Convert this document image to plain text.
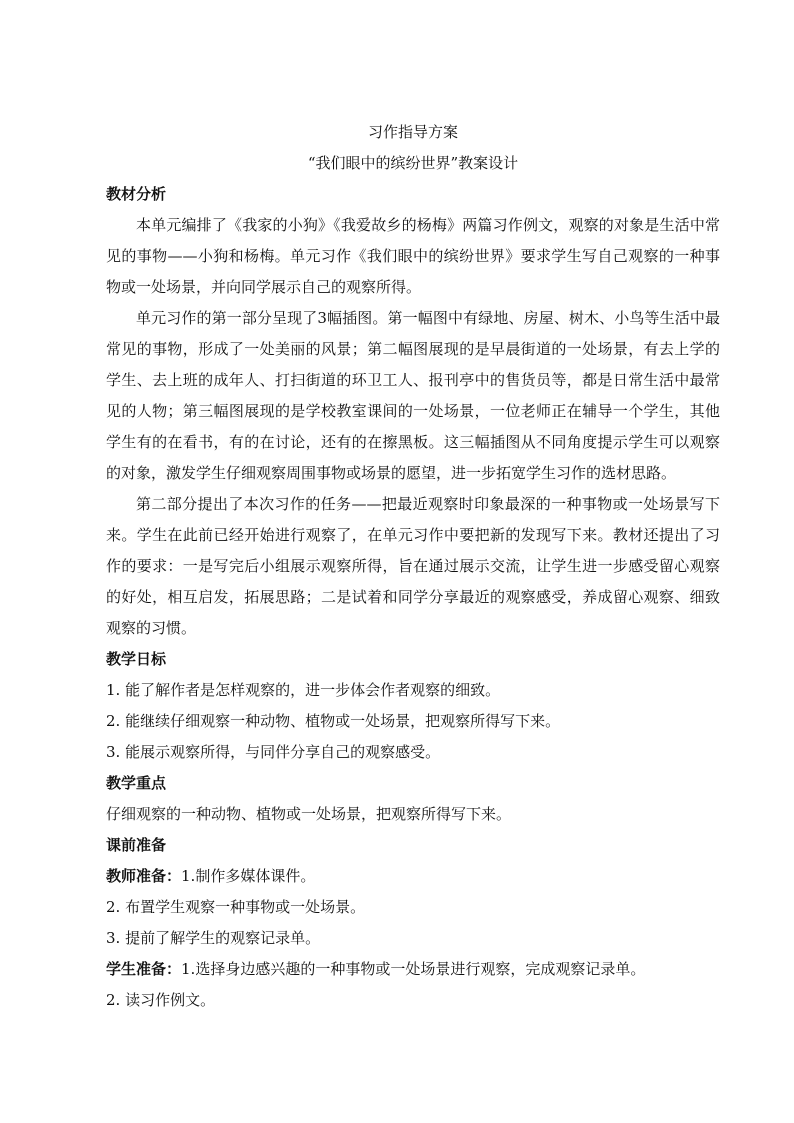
习作指导方案

“我们眼中的缤纷世界”教案设计

教材分析

本单元编排了《我家的小狗》《我爱故乡的杨梅》两篇习作例文，观察的对象是生活中常见的事物——小狗和杨梅。单元习作《我们眼中的缤纷世界》要求学生写自己观察的一种事物或一处场景，并向同学展示自己的观察所得。

单元习作的第一部分呈现了3幅插图。第一幅图中有绿地、房屋、树木、小鸟等生活中最常见的事物，形成了一处美丽的风景；第二幅图展现的是早晨街道的一处场景，有去上学的学生、去上班的成年人、打扫街道的环卫工人、报刊亭中的售货员等，都是日常生活中最常见的人物；第三幅图展现的是学校教室课间的一处场景，一位老师正在辅导一个学生，其他学生有的在看书，有的在讨论，还有的在擦黑板。这三幅插图从不同角度提示学生可以观察的对象，激发学生仔细观察周围事物或场景的愿望，进一步拓宽学生习作的选材思路。

第二部分提出了本次习作的任务——把最近观察时印象最深的一种事物或一处场景写下来。学生在此前已经开始进行观察了，在单元习作中要把新的发现写下来。教材还提出了习作的要求：一是写完后小组展示观察所得，旨在通过展示交流，让学生进一步感受留心观察的好处，相互启发，拓展思路；二是试着和同学分享最近的观察感受，养成留心观察、细致观察的习惯。

教学日标

1. 能了解作者是怎样观察的，进一步体会作者观察的细致。

2. 能继续仔细观察一种动物、植物或一处场景，把观察所得写下来。

3. 能展示观察所得，与同伴分享自己的观察感受。

教学重点

仔细观察的一种动物、植物或一处场景，把观察所得写下来。

课前准备

教师准备：1.制作多媒体课件。

2. 布置学生观察一种事物或一处场景。

3. 提前了解学生的观察记录单。

学生准备：1.选择身边感兴趣的一种事物或一处场景进行观察，完成观察记录单。

2. 读习作例文。
